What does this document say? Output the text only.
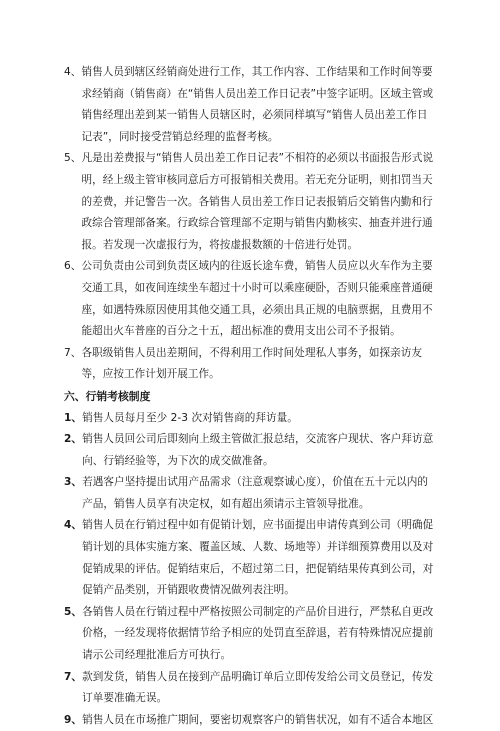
4、 销售人员到辖区经销商处进行工作，其工作内容、工作结果和工作时间等要求经销商（销售商）在“销售人员出差工作日记表”中签字证明。区域主管或销售经理出差到某一销售人员辖区时，必须同样填写“销售人员出差工作日记表”，同时接受营销总经理的监督考核。
5、 凡是出差费报与“销售人员出差工作日记表”不相符的必须以书面报告形式说明，经上级主管审核同意后方可报销相关费用。若无充分证明，则扣罚当天的差费，并记警告一次。各销售人员出差工作日记表报销后交销售内勤和行政综合管理部备案。行政综合管理部不定期与销售内勤核实、抽查并进行通报。若发现一次虚报行为，将按虚报数额的十倍进行处罚。
6、 公司负责由公司到负责区域内的往返长途车费，销售人员应以火车作为主要交通工具，如夜间连续坐车超过十小时可以乘座硬卧，否则只能乘座普通硬座，如遇特殊原因使用其他交通工具，必须出具正规的电脑票据，且费用不能超出火车普座的百分之十五，超出标准的费用支出公司不予报销。
7、 各职级销售人员出差期间，不得利用工作时间处理私人事务，如探亲访友等，应按工作计划开展工作。
六、行销考核制度
1、 销售人员每月至少 2-3 次对销售商的拜访量。
2、 销售人员回公司后即刻向上级主管做汇报总结，交流客户现状、客户拜访意向、行销经验等，为下次的成交做准备。
3、 若遇客户坚持提出试用产品需求（注意观察诚心度），价值在五十元以内的产品，销售人员享有决定权，如有超出须请示主管领导批准。
4、 销售人员在行销过程中如有促销计划，应书面提出申请传真到公司（明确促销计划的具体实施方案、覆盖区域、人数、场地等）并详细预算费用以及对促销成果的评估。促销结束后，不超过第二日，把促销结果传真到公司，对促销产品类别，开销跟收费情况做列表注明。
5、 各销售人员在行销过程中严格按照公司制定的产品价目进行，严禁私自更改价格，一经发现将依据情节给予相应的处罚直至辞退，若有特殊情况应提前请示公司经理批准后方可执行。
7、 款到发货，销售人员在接到产品明确订单后立即传发给公司文员登记，传发订单要准确无误。
9、 销售人员在市场推广期间，要密切观察客户的销售状况，如有不适合本地区
